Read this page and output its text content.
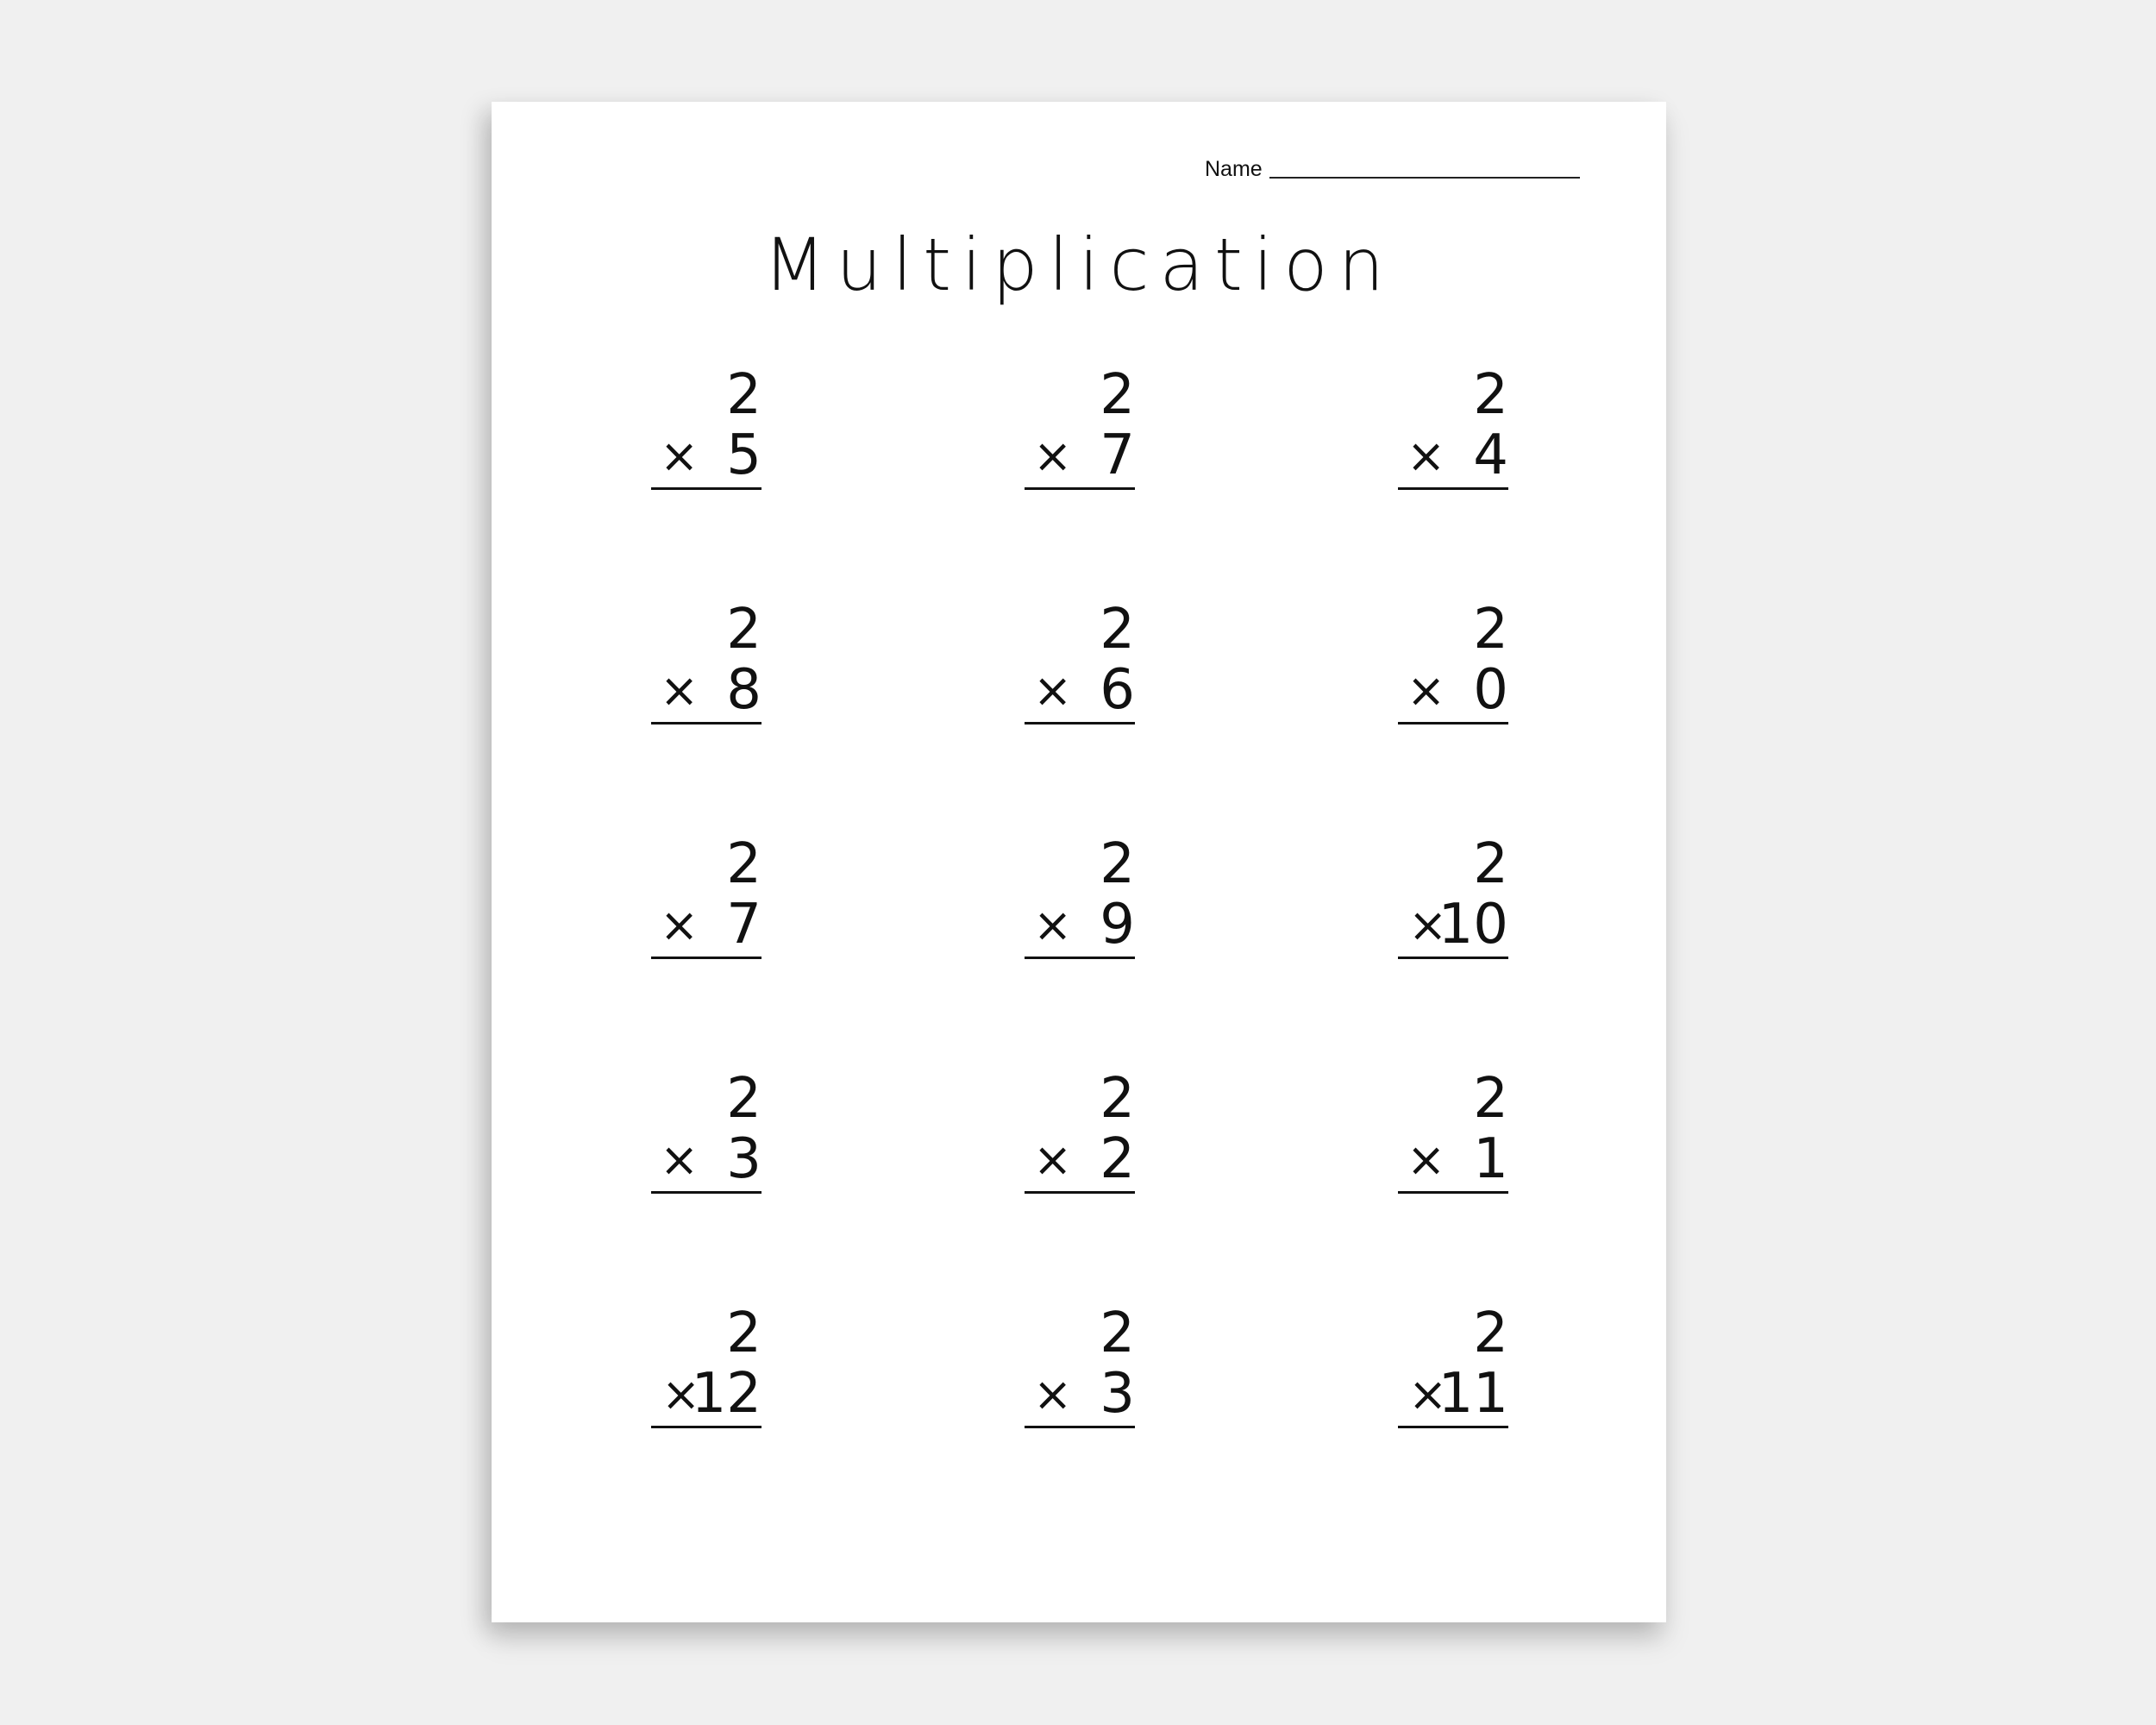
Name
Multiplication
2
× 5
2
× 7
2
× 4
2
× 8
2
× 6
2
× 0
2
× 7
2
× 9
2
×
10
2
× 3
2
× 2
2
× 1
2
×
12
2
× 3
2
×
11
